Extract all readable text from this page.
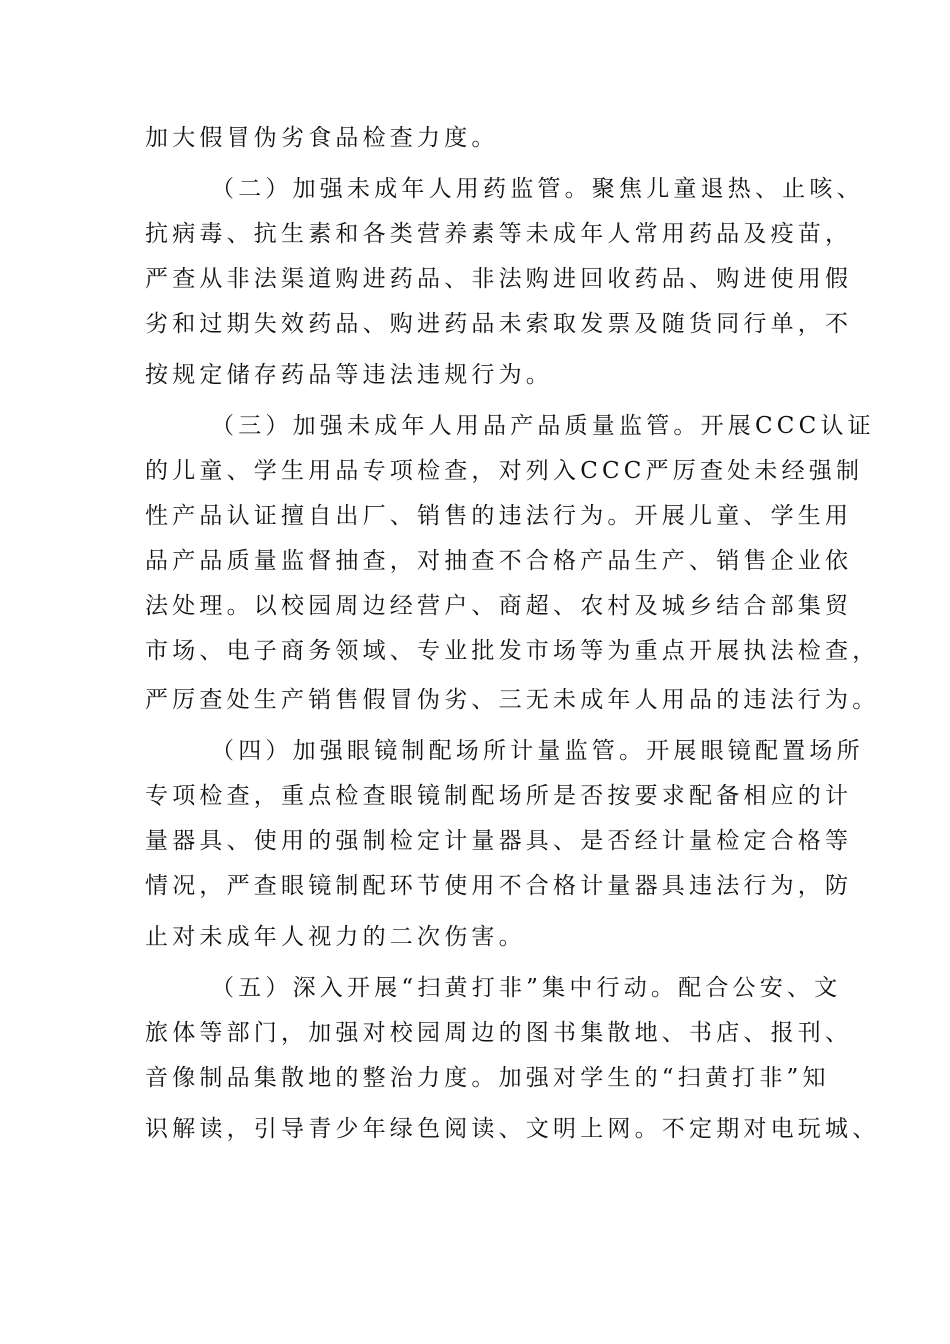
加大假冒伪劣食品检查力度。
（二）加强未成年人用药监管。聚焦儿童退热、止咳、
抗病毒、抗生素和各类营养素等未成年人常用药品及疫苗，
严查从非法渠道购进药品、非法购进回收药品、购进使用假
劣和过期失效药品、购进药品未索取发票及随货同行单，不
按规定储存药品等违法违规行为。
（三）加强未成年人用品产品质量监管。开展CCC认证
的儿童、学生用品专项检查，对列入CCC严厉查处未经强制
性产品认证擅自出厂、销售的违法行为。开展儿童、学生用
品产品质量监督抽查，对抽查不合格产品生产、销售企业依
法处理。以校园周边经营户、商超、农村及城乡结合部集贸
市场、电子商务领域、专业批发市场等为重点开展执法检查，
严厉查处生产销售假冒伪劣、三无未成年人用品的违法行为。
（四）加强眼镜制配场所计量监管。开展眼镜配置场所
专项检查，重点检查眼镜制配场所是否按要求配备相应的计
量器具、使用的强制检定计量器具、是否经计量检定合格等
情况，严查眼镜制配环节使用不合格计量器具违法行为，防
止对未成年人视力的二次伤害。
（五）深入开展“扫黄打非”集中行动。配合公安、文
旅体等部门，加强对校园周边的图书集散地、书店、报刊、
音像制品集散地的整治力度。加强对学生的“扫黄打非”知
识解读，引导青少年绿色阅读、文明上网。不定期对电玩城、
